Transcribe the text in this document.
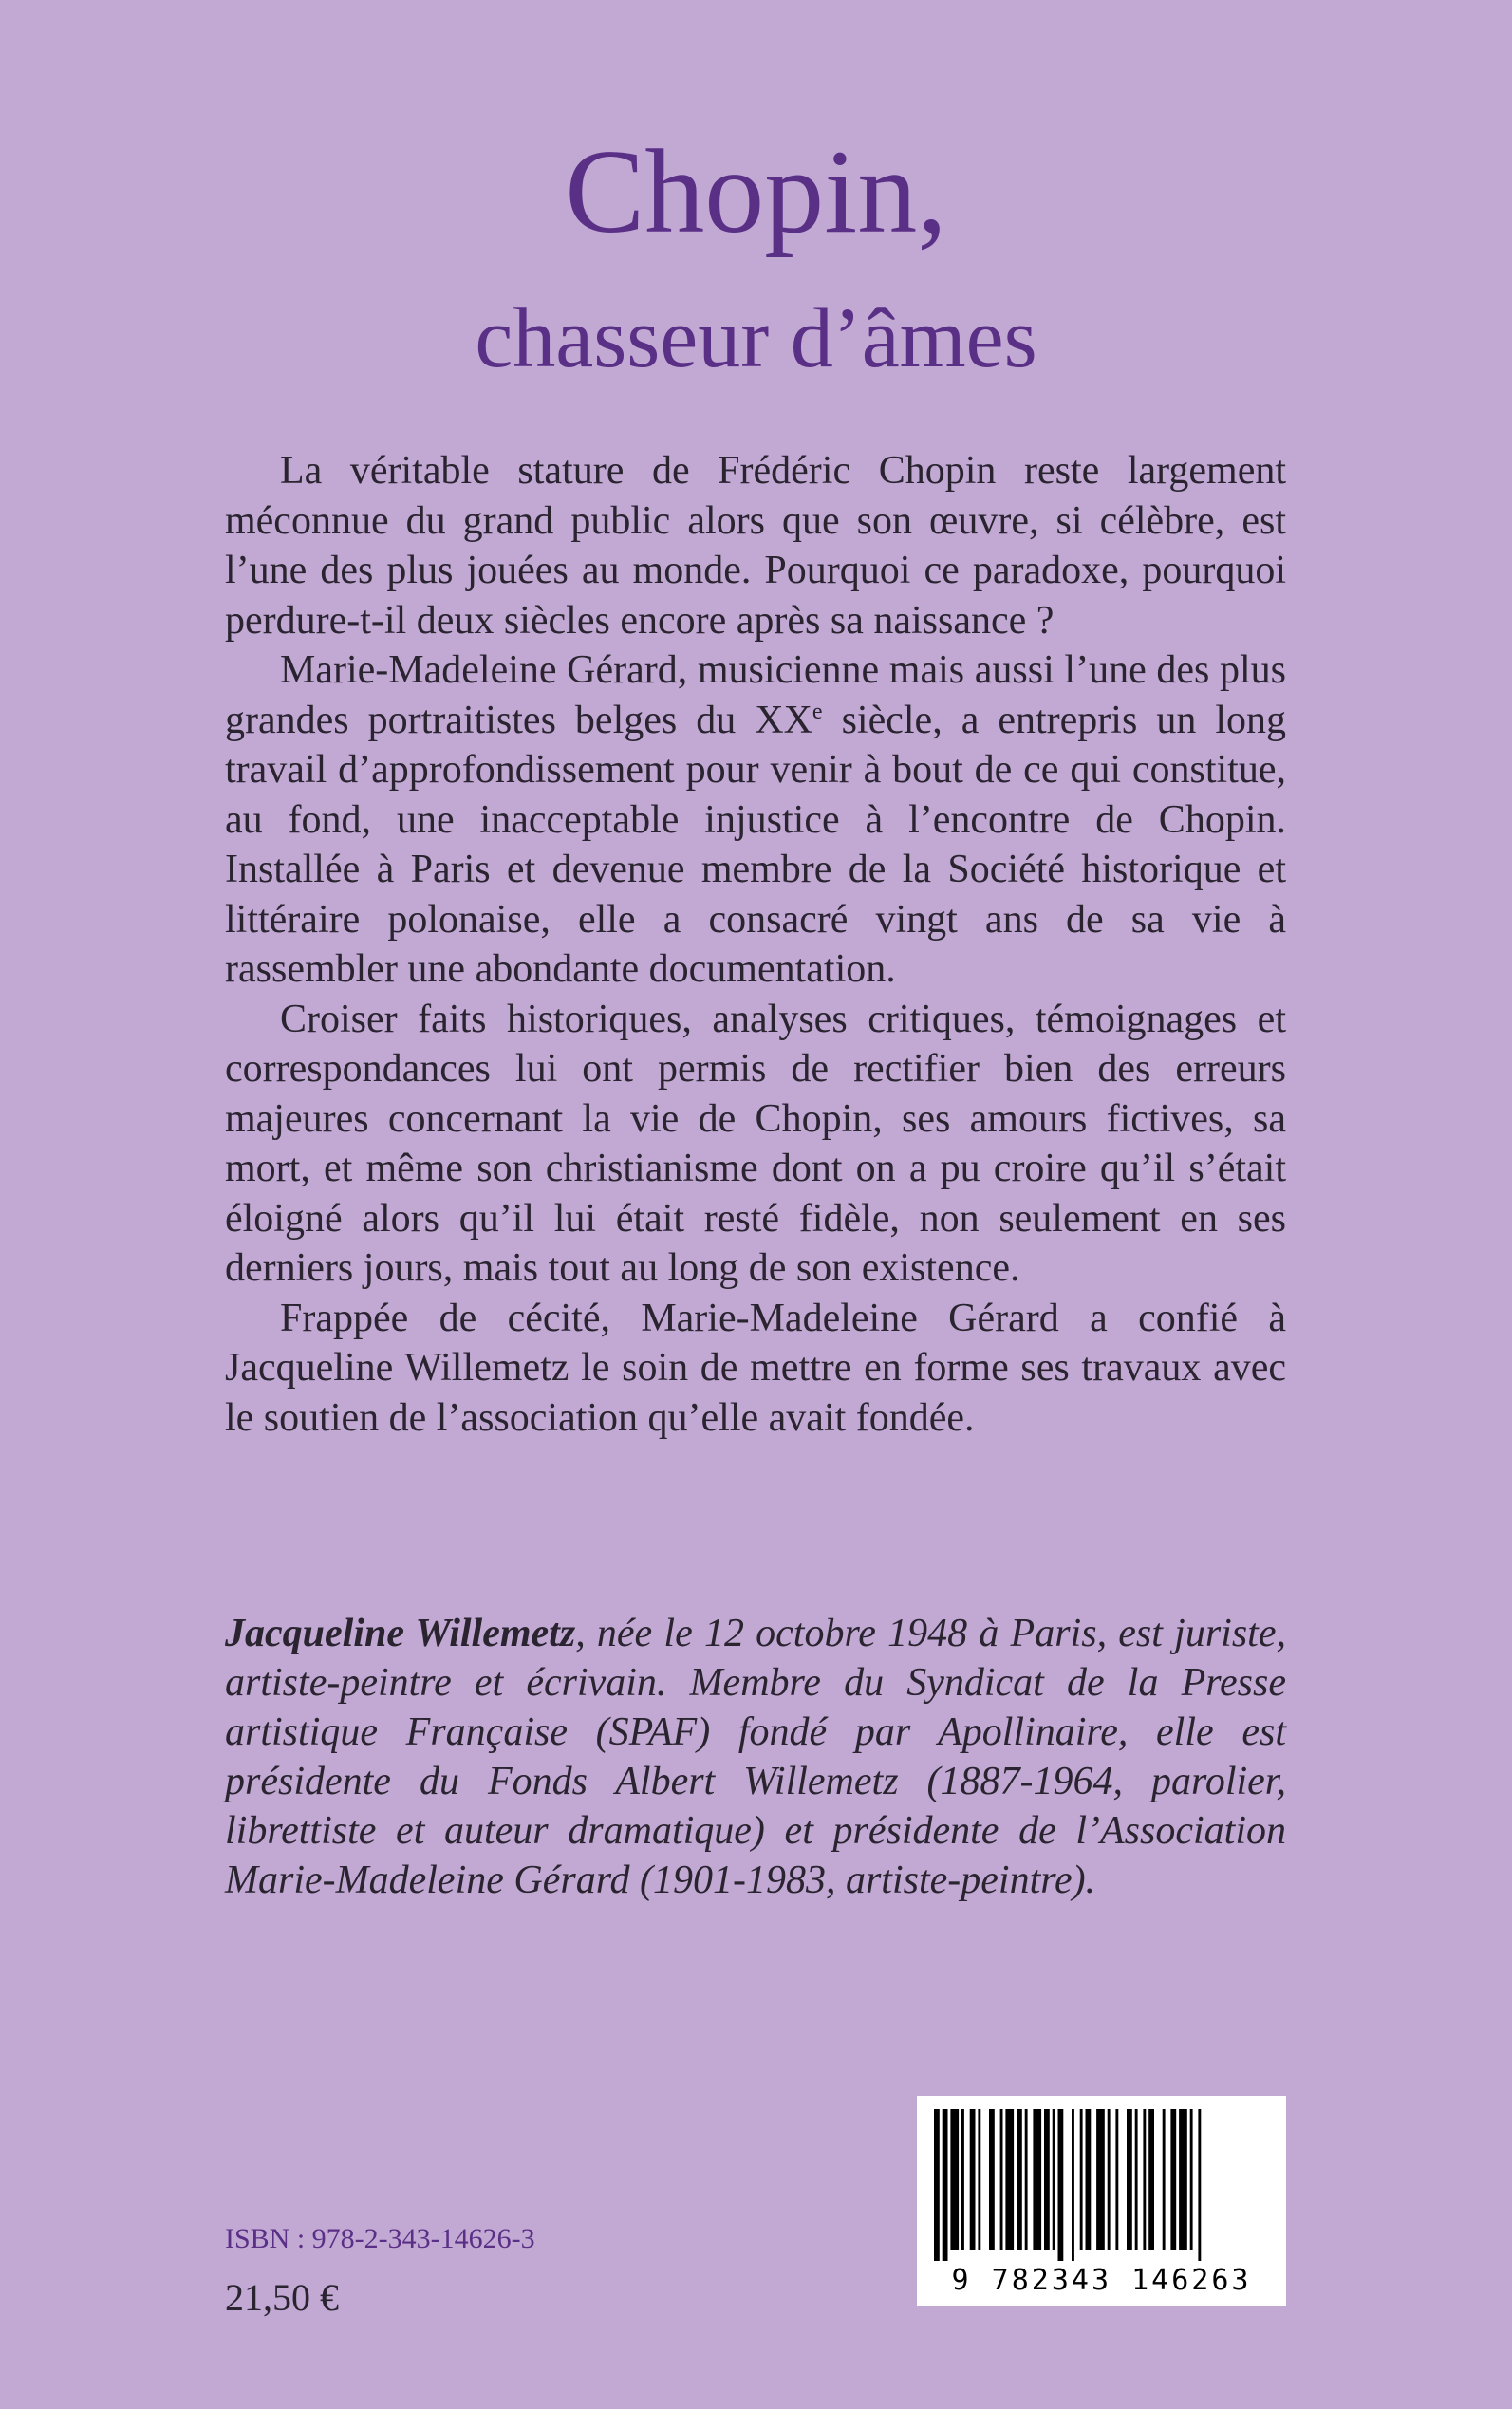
Chopin,
chasseur d’âmes

La véritable stature de Frédéric Chopin reste largement méconnue du grand public alors que son œuvre, si célèbre, est l’une des plus jouées au monde. Pourquoi ce paradoxe, pourquoi perdure-t-il deux siècles encore après sa naissance ?

Marie-Madeleine Gérard, musicienne mais aussi l’une des plus grandes portraitistes belges du XXe siècle, a entrepris un long travail d’approfondissement pour venir à bout de ce qui constitue, au fond, une inacceptable injustice à l’encontre de Chopin. Installée à Paris et devenue membre de la Société historique et littéraire polonaise, elle a consacré vingt ans de sa vie à rassembler une abondante documentation.

Croiser faits historiques, analyses critiques, témoignages et correspondances lui ont permis de rectifier bien des erreurs majeures concernant la vie de Chopin, ses amours fictives, sa mort, et même son christianisme dont on a pu croire qu’il s’était éloigné alors qu’il lui était resté fidèle, non seulement en ses derniers jours, mais tout au long de son existence.

Frappée de cécité, Marie-Madeleine Gérard a confié à Jacqueline Willemetz le soin de mettre en forme ses travaux avec le soutien de l’association qu’elle avait fondée.

Jacqueline Willemetz, née le 12 octobre 1948 à Paris, est juriste, artiste-peintre et écrivain. Membre du Syndicat de la Presse artistique Française (SPAF) fondé par Apollinaire, elle est présidente du Fonds Albert Willemetz (1887-1964, parolier, librettiste et auteur dramatique) et présidente de l’Association Marie-Madeleine Gérard (1901-1983, artiste-peintre).
9 782343 146263
ISBN : 978-2-343-14626-3
21,50 €
